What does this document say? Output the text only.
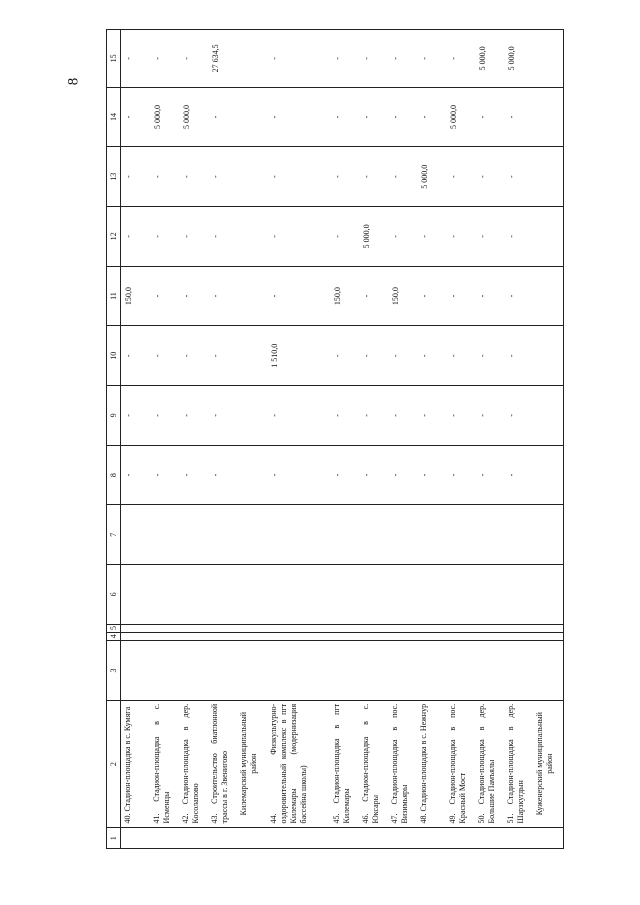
8
1	2	3	4	5	6	7	8	9	10	11	12	13	14	15

	40. Стадион-площадка в с. Кумяга						-	-	-	150,0	-	-	-	-

	41. Стадион-площадка в с. Исменцы						-	-	-	-	-	-	5 000,0	-

	42. Стадион-площадка в дер. Косолапово						-	-	-	-	-	-	5 000,0	-

	43. Строительство биатлонной трассы в г. Звенигово						-	-	-	-	-	-	-	27 634,5

	Килемарский муниципальный район													

	44. Физкультурно-оздоровительный комплекс в пгт Килемары (модернизация бассейна школы)						-	-	1 510,0	-	-	-	-	-

	45. Стадион-площадка в пгт Килемары						-	-	-	150,0	-	-	-	-

	46. Стадион-площадка в с. Юксары						-	-	-	-	5 000,0	-	-	-

	47. Стадион-площадка в пос. Визимьяры						-	-	-	150,0	-	-	-	-

	48. Стадион-площадка в с. Нежнур						-	-	-	-	-	5 000,0	-	-

	49. Стадион-площадка в пос. Красный Мост						-	-	-	-	-	-	5 000,0	-

	50. Стадион-площадка в дер. Большие Памъялы						-	-	-	-	-	-	-	5 000,0

	51. Стадион-площадка в дер. Шарзкугдын						-	-	-	-	-	-	-	5 000,0

	Куженерский муниципальный район													
